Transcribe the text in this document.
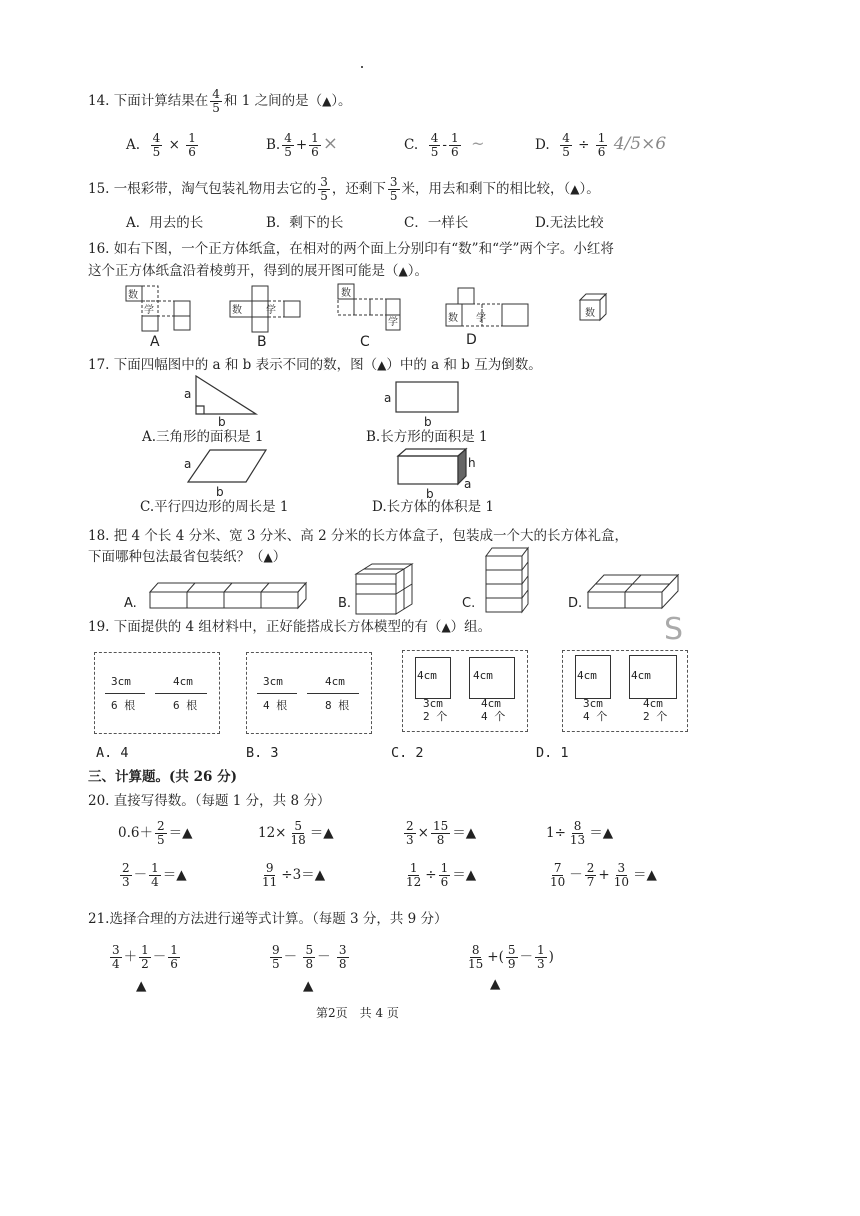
14. 下面计算结果在 $\frac{4}{5}$ 和 1 之间的是（▲）。
A. $\frac{4}{5} \times \frac{1}{6}$	B. $\frac{4}{5} + \frac{1}{6}$ ×	C. $\frac{4}{5} - \frac{1}{6}$ ~	D. $\frac{4}{5} \div \frac{1}{6} 4/5\times 6$
15. 一根彩带，淘气包装礼物用去它的 $\frac{3}{5}$ ，还剩下 $\frac{3}{5}$ 米，用去和剩下的相比较，（▲）。
A．用去的长	B．剩下的长	C．一样长	D.无法比较
16. 如右下图，一个正方体纸盒，在相对的两个面上分别印有“数”和“学”两个字。小红将
这个正方体纸盒沿着棱剪开，得到的展开图可能是（▲）。
数
学	数 学
数
学	数 学	数
A	B	C	D
17. 下面四幅图中的 a 和 b 表示不同的数，图（▲）中的 a 和 b 互为倒数。
a
b
a
b
a
b
h
a
b
A.三角形的面积是 1	B.长方形的面积是 1
C.平行四边形的周长是 1	D.长方体的体积是 1
18. 把 4 个长 4 分米、宽 3 分米、高 2 分米的长方体盒子，包装成一个大的长方体礼盒，
下面哪种包法最省包装纸？（▲）
A.	B.	C.	D.
19. 下面提供的 4 组材料中，正好能搭成长方体模型的有（▲）组。	S
3cm
6 根
4cm
6 根
3cm
4 根
4cm
8 根
4cm
3cm
2 个
4cm
4cm
4 个
4cm
3cm
4 个
4cm
4cm
2 个
A. 4	B. 3	C. 2	D. 1
三、计算题。(共 26 分)
20. 直接写得数。（每题 1 分，共 8 分）
$0.6+ \frac{2}{5}$ ＝▲	$12\times \frac{5}{18}$ ＝▲	$\frac{2}{3} \times \frac{15}{8}$ ＝▲	$1\div \frac{8}{13}$ ＝▲
$\frac{2}{3} - \frac{1}{4}$ ＝▲	$\frac{9}{11}$ ÷3＝▲	$\frac{1}{12} \div \frac{1}{6}$ ＝▲	$\frac{7}{10} - \frac{2}{7} + \frac{3}{10}$ ＝▲
21.选择合理的方法进行递等式计算。（每题 3 分，共 9 分）
$\frac{3}{4} + \frac{1}{2} - \frac{1}{6}$
▲
$\frac{9}{5} - \frac{5}{8} - \frac{3}{8}$
▲
$\frac{8}{15}$ +( $\frac{5}{9} - \frac{1}{3}$ )
▲
第2页　共 4 页
